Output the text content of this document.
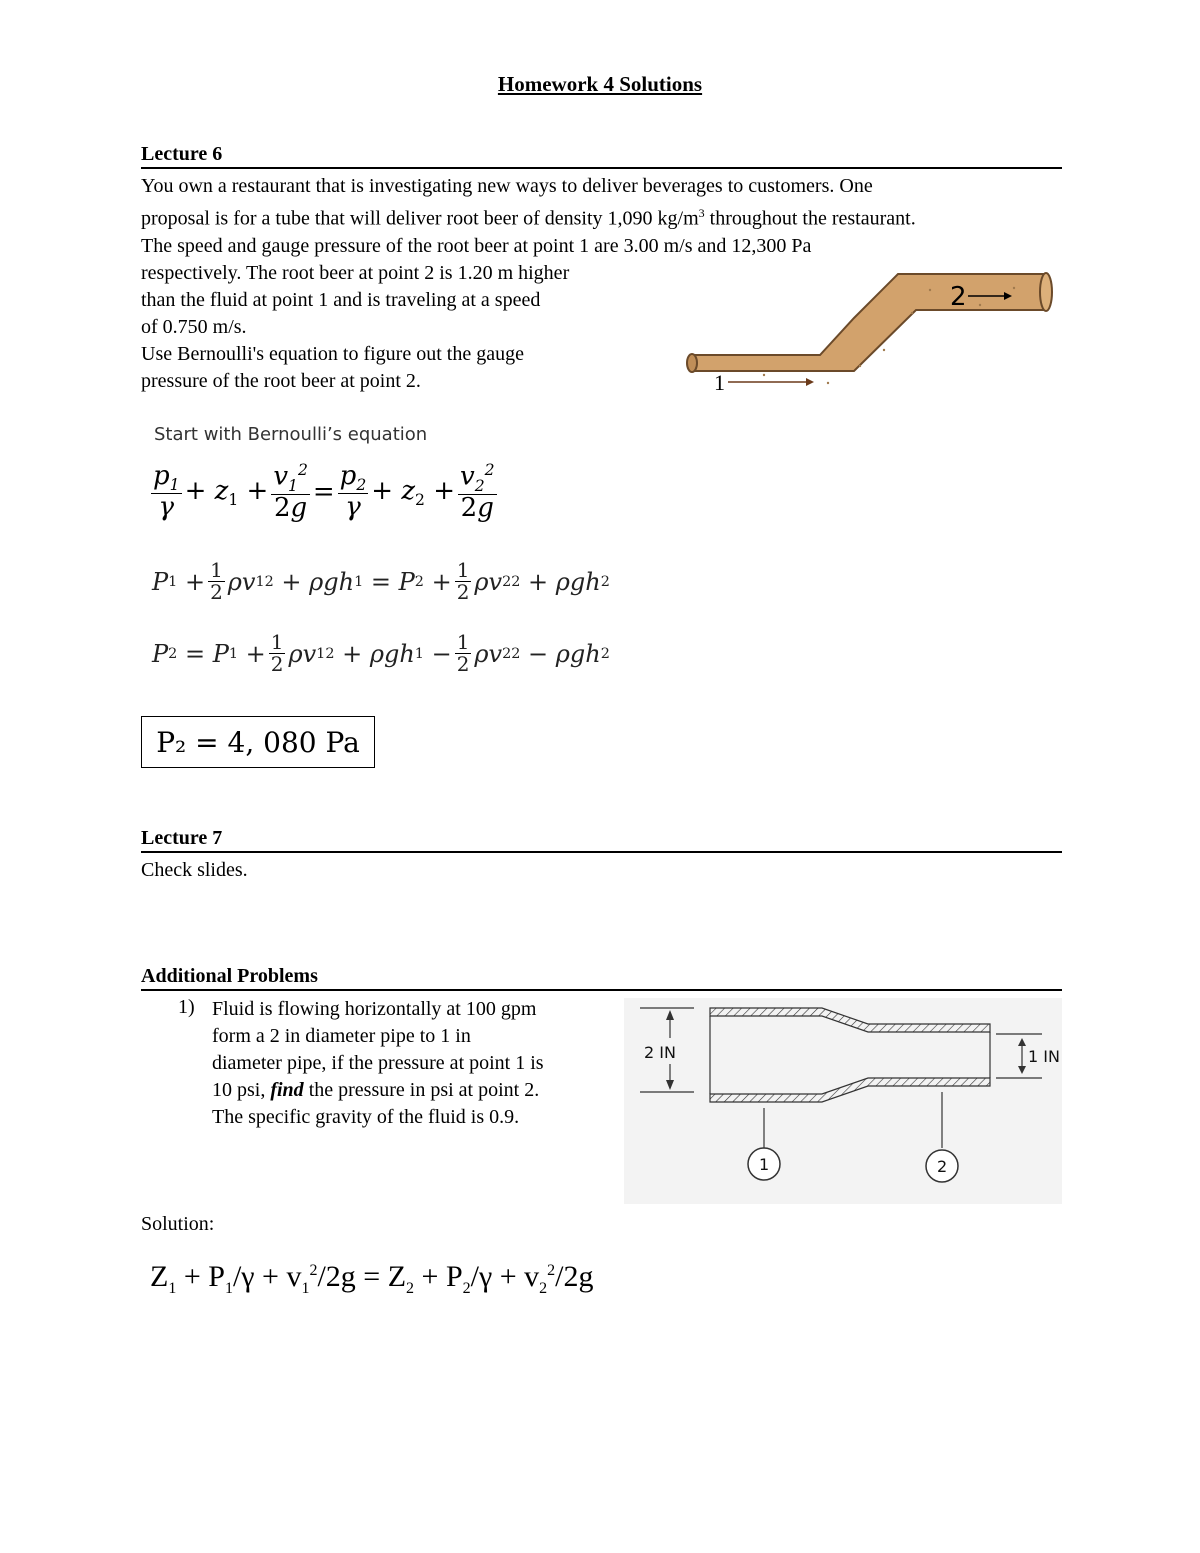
Homework 4 Solutions
Lecture 6
You own a restaurant that is investigating new ways to deliver beverages to customers. One
proposal is for a tube that will deliver root beer of density 1,090 $kg/m^3$ throughout the restaurant.
The speed and gauge pressure of the root beer at point 1 are 3.00 m/s and 12,300 Pa
respectively. The root beer at point 2 is 1.20 m higher
than the fluid at point 1 and is traveling at a speed
of 0.750 m/s.
Use Bernoulli's equation to figure out the gauge
pressure of the root beer at point 2.	1
2
Start with Bernoulli’s equation
$\frac{p_1}{\gamma} + z_1 + \frac{v_1^2}{2g} = \frac{p_2}{\gamma} + z_2 + \frac{v_2^2}{2g}$
P $1 + \frac{1}{2}$ ρv 1 2 + ρgh 1 = P $2 + \frac{1}{2}$ ρv 2 2 + ρgh 2
P 2 = P $1 + \frac{1}{2}$ ρv 1 2 + ρgh $1 - \frac{1}{2}$ ρv 2 2 − ρgh 2
P₂ = 4, 080 Pa
Lecture 7
Check slides.
Additional Problems
1) Fluid is flowing horizontally at 100 gpm
form a 2 in diameter pipe to 1 in
diameter pipe, if the pressure at point 1 is
10 psi, find the pressure in psi at point 2.
The specific gravity of the fluid is 0.9.
2 IN	1 IN
1	2
Solution:
$Z_1 + P_1/\gamma + v_1^2/2g = Z_2 + P_2/\gamma + v_2^2/2g$
